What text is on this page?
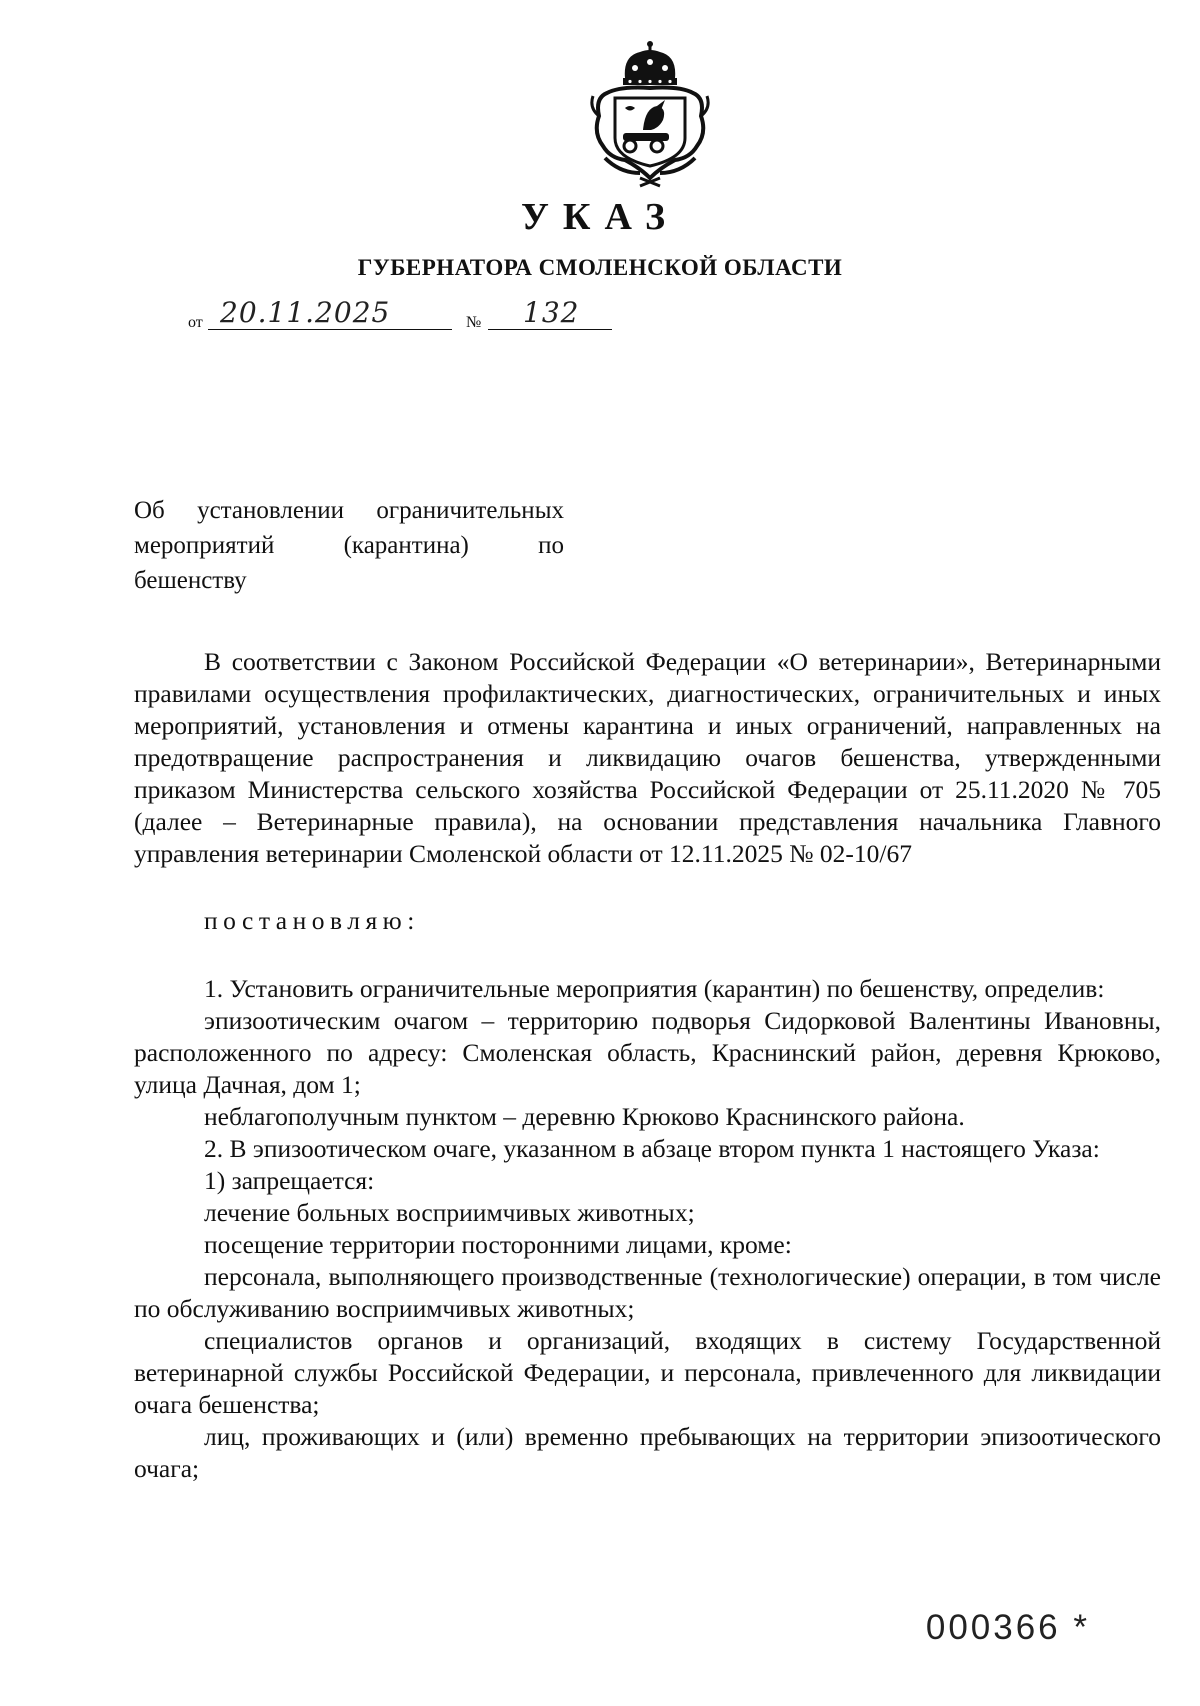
УКАЗ
ГУБЕРНАТОРА СМОЛЕНСКОЙ ОБЛАСТИ
от 20.11.2025	№ 132
Об установлении ограничительных
мероприятий (карантина) по
бешенству

В соответствии с Законом Российской Федерации «О ветеринарии», Ветеринарными правилами осуществления профилактических, диагностических, ограничительных и иных мероприятий, установления и отмены карантина и иных ограничений, направленных на предотвращение распространения и ликвидацию очагов бешенства, утвержденными приказом Министерства сельского хозяйства Российской Федерации от 25.11.2020 № 705 (далее – Ветеринарные правила), на основании представления начальника Главного управления ветеринарии Смоленской области от 12.11.2025 № 02-10/67

постановляю:

1. Установить ограничительные мероприятия (карантин) по бешенству, определив:

эпизоотическим очагом – территорию подворья Сидорковой Валентины Ивановны, расположенного по адресу: Смоленская область, Краснинский район, деревня Крюково, улица Дачная, дом 1;

неблагополучным пунктом – деревню Крюково Краснинского района.

2. В эпизоотическом очаге, указанном в абзаце втором пункта 1 настоящего Указа:

1) запрещается:

лечение больных восприимчивых животных;

посещение территории посторонними лицами, кроме:

персонала, выполняющего производственные (технологические) операции, в том числе по обслуживанию восприимчивых животных;

специалистов органов и организаций, входящих в систему Государственной ветеринарной службы Российской Федерации, и персонала, привлеченного для ликвидации очага бешенства;

лиц, проживающих и (или) временно пребывающих на территории эпизоотического очага;

000366 *
